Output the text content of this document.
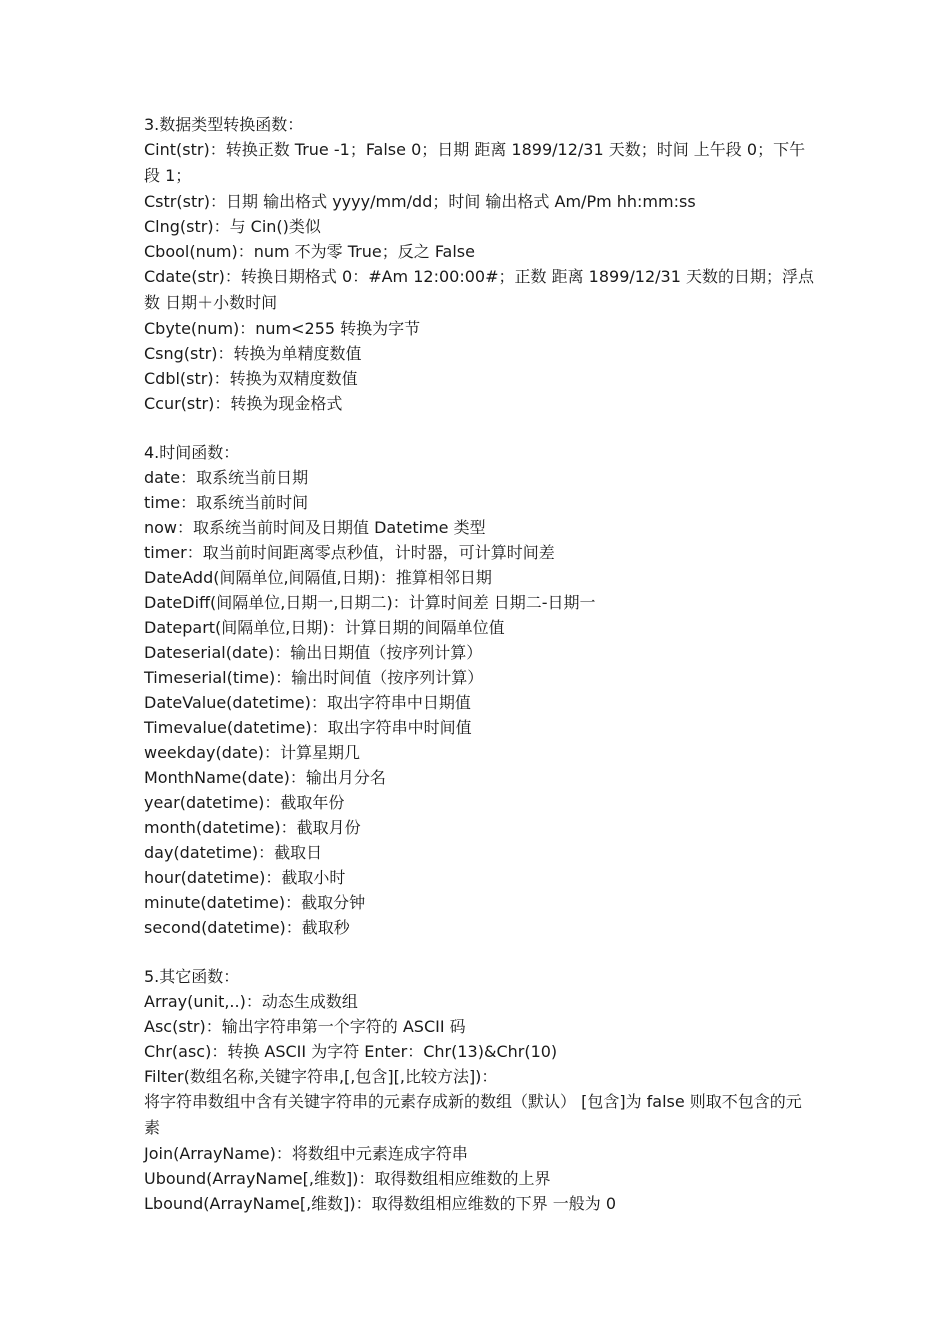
3.数据类型转换函数：
Cint(str)：转换正数 True -1；False 0；日期 距离 1899/12/31 天数；时间 上午段 0；下午段 1；
Cstr(str)：日期 输出格式 yyyy/mm/dd；时间 输出格式 Am/Pm hh:mm:ss
Clng(str)：与 Cin()类似
Cbool(num)：num 不为零 True；反之 False
Cdate(str)：转换日期格式 0：#Am 12:00:00#；正数 距离 1899/12/31 天数的日期；浮点数 日期＋小数时间
Cbyte(num)：num<255 转换为字节
Csng(str)：转换为单精度数值
Cdbl(str)：转换为双精度数值
Ccur(str)：转换为现金格式
4.时间函数：
date：取系统当前日期
time：取系统当前时间
now：取系统当前时间及日期值 Datetime 类型
timer：取当前时间距离零点秒值，计时器，可计算时间差
DateAdd(间隔单位,间隔值,日期)：推算相邻日期
DateDiff(间隔单位,日期一,日期二)：计算时间差 日期二-日期一
Datepart(间隔单位,日期)：计算日期的间隔单位值
Dateserial(date)：输出日期值（按序列计算）
Timeserial(time)：输出时间值（按序列计算）
DateValue(datetime)：取出字符串中日期值
Timevalue(datetime)：取出字符串中时间值
weekday(date)：计算星期几
MonthName(date)：输出月分名
year(datetime)：截取年份
month(datetime)：截取月份
day(datetime)：截取日
hour(datetime)：截取小时
minute(datetime)：截取分钟
second(datetime)：截取秒
5.其它函数：
Array(unit,..)：动态生成数组
Asc(str)：输出字符串第一个字符的 ASCII 码
Chr(asc)：转换 ASCII 为字符 Enter：Chr(13)&Chr(10)
Filter(数组名称,关键字符串,[,包含][,比较方法])：
将字符串数组中含有关键字符串的元素存成新的数组（默认） [包含]为 false 则取不包含的元素
Join(ArrayName)：将数组中元素连成字符串
Ubound(ArrayName[,维数])：取得数组相应维数的上界
Lbound(ArrayName[,维数])：取得数组相应维数的下界 一般为 0
